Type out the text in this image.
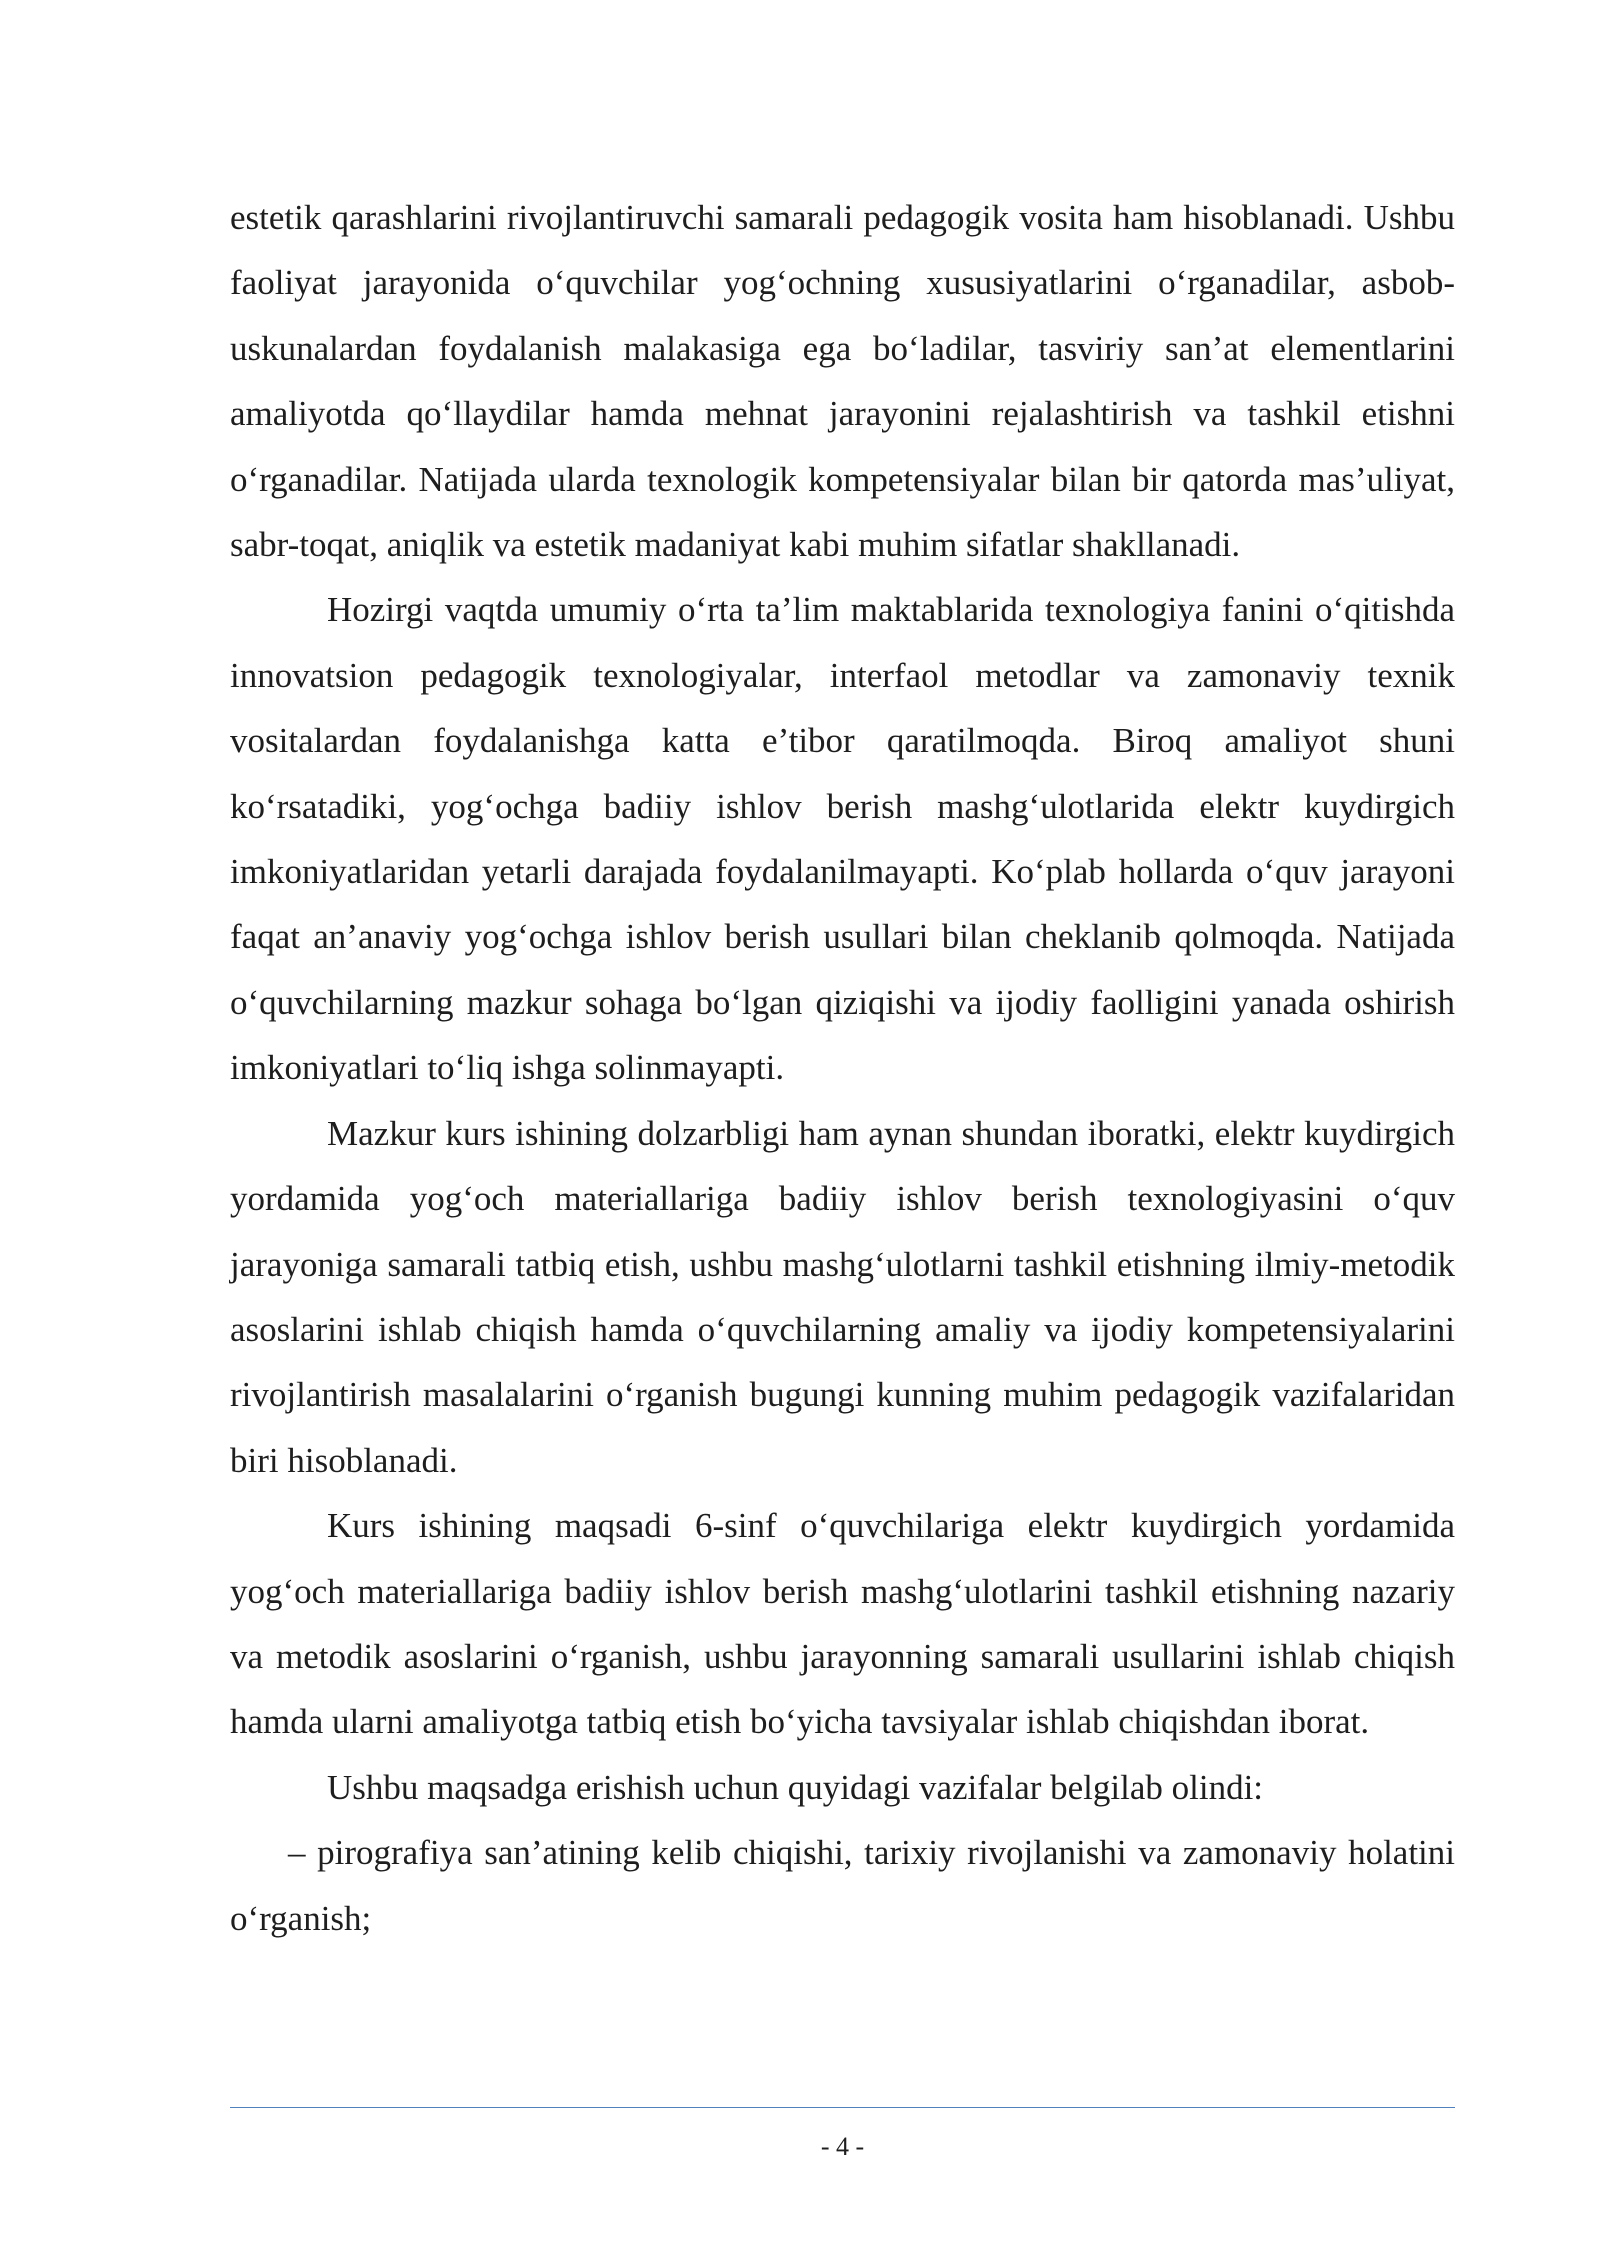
estetik qarashlarini rivojlantiruvchi samarali pedagogik vosita ham hisoblanadi. Ushbu faoliyat jarayonida o‘quvchilar yog‘ochning xususiyatlarini o‘rganadilar, asbob-uskunalardan foydalanish malakasiga ega bo‘ladilar, tasviriy san’at elementlarini amaliyotda qo‘llaydilar hamda mehnat jarayonini rejalashtirish va tashkil etishni o‘rganadilar. Natijada ularda texnologik kompetensiyalar bilan bir qatorda mas’uliyat, sabr-toqat, aniqlik va estetik madaniyat kabi muhim sifatlar shakllanadi.

Hozirgi vaqtda umumiy o‘rta ta’lim maktablarida texnologiya fanini o‘qitishda innovatsion pedagogik texnologiyalar, interfaol metodlar va zamonaviy texnik vositalardan foydalanishga katta e’tibor qaratilmoqda. Biroq amaliyot shuni ko‘rsatadiki, yog‘ochga badiiy ishlov berish mashg‘ulotlarida elektr kuydirgich imkoniyatlaridan yetarli darajada foydalanilmayapti. Ko‘plab hollarda o‘quv jarayoni faqat an’anaviy yog‘ochga ishlov berish usullari bilan cheklanib qolmoqda. Natijada o‘quvchilarning mazkur sohaga bo‘lgan qiziqishi va ijodiy faolligini yanada oshirish imkoniyatlari to‘liq ishga solinmayapti.

Mazkur kurs ishining dolzarbligi ham aynan shundan iboratki, elektr kuydirgich yordamida yog‘och materiallariga badiiy ishlov berish texnologiyasini o‘quv jarayoniga samarali tatbiq etish, ushbu mashg‘ulotlarni tashkil etishning ilmiy-metodik asoslarini ishlab chiqish hamda o‘quvchilarning amaliy va ijodiy kompetensiyalarini rivojlantirish masalalarini o‘rganish bugungi kunning muhim pedagogik vazifalaridan biri hisoblanadi.

Kurs ishining maqsadi 6-sinf o‘quvchilariga elektr kuydirgich yordamida yog‘och materiallariga badiiy ishlov berish mashg‘ulotlarini tashkil etishning nazariy va metodik asoslarini o‘rganish, ushbu jarayonning samarali usullarini ishlab chiqish hamda ularni amaliyotga tatbiq etish bo‘yicha tavsiyalar ishlab chiqishdan iborat.

Ushbu maqsadga erishish uchun quyidagi vazifalar belgilab olindi:

– pirografiya san’atining kelib chiqishi, tarixiy rivojlanishi va zamonaviy holatini o‘rganish;

- 4 -
